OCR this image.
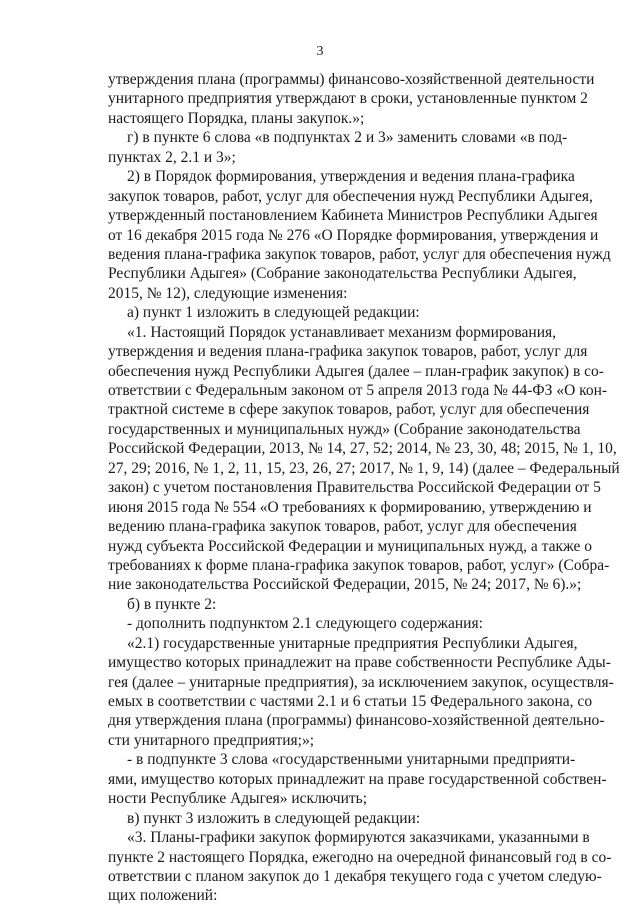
3
утверждения плана (программы) финансово-хозяйственной деятельности
унитарного предприятия утверждают в сроки, установленные пунктом 2
настоящего Порядка, планы закупок.»;
г) в пункте 6 слова «в подпунктах 2 и 3» заменить словами «в под-
пунктах 2, 2.1 и 3»;
2) в Порядок формирования, утверждения и ведения плана-графика
закупок товаров, работ, услуг для обеспечения нужд Республики Адыгея,
утвержденный постановлением Кабинета Министров Республики Адыгея
от 16 декабря 2015 года № 276 «О Порядке формирования, утверждения и
ведения плана-графика закупок товаров, работ, услуг для обеспечения нужд
Республики Адыгея» (Собрание законодательства Республики Адыгея,
2015, № 12), следующие изменения:
а) пункт 1 изложить в следующей редакции:
«1. Настоящий Порядок устанавливает механизм формирования,
утверждения и ведения плана-графика закупок товаров, работ, услуг для
обеспечения нужд Республики Адыгея (далее – план-график закупок) в со-
ответствии с Федеральным законом от 5 апреля 2013 года № 44-ФЗ «О кон-
трактной системе в сфере закупок товаров, работ, услуг для обеспечения
государственных и муниципальных нужд» (Собрание законодательства
Российской Федерации, 2013, № 14, 27, 52; 2014, № 23, 30, 48; 2015, № 1, 10,
27, 29; 2016, № 1, 2, 11, 15, 23, 26, 27; 2017, № 1, 9, 14) (далее – Федеральный
закон) с учетом постановления Правительства Российской Федерации от 5
июня 2015 года № 554 «О требованиях к формированию, утверждению и
ведению плана-графика закупок товаров, работ, услуг для обеспечения
нужд субъекта Российской Федерации и муниципальных нужд, а также о
требованиях к форме плана-графика закупок товаров, работ, услуг» (Собра-
ние законодательства Российской Федерации, 2015, № 24; 2017, № 6).»;
б) в пункте 2:
- дополнить подпунктом 2.1 следующего содержания:
«2.1) государственные унитарные предприятия Республики Адыгея,
имущество которых принадлежит на праве собственности Республике Ады-
гея (далее – унитарные предприятия), за исключением закупок, осуществля-
емых в соответствии с частями 2.1 и 6 статьи 15 Федерального закона, со
дня утверждения плана (программы) финансово-хозяйственной деятельно-
сти унитарного предприятия;»;
- в подпункте 3 слова «государственными унитарными предприяти-
ями, имущество которых принадлежит на праве государственной собствен-
ности Республике Адыгея» исключить;
в) пункт 3 изложить в следующей редакции:
«3. Планы-графики закупок формируются заказчиками, указанными в
пункте 2 настоящего Порядка, ежегодно на очередной финансовый год в со-
ответствии с планом закупок до 1 декабря текущего года с учетом следую-
щих положений:
